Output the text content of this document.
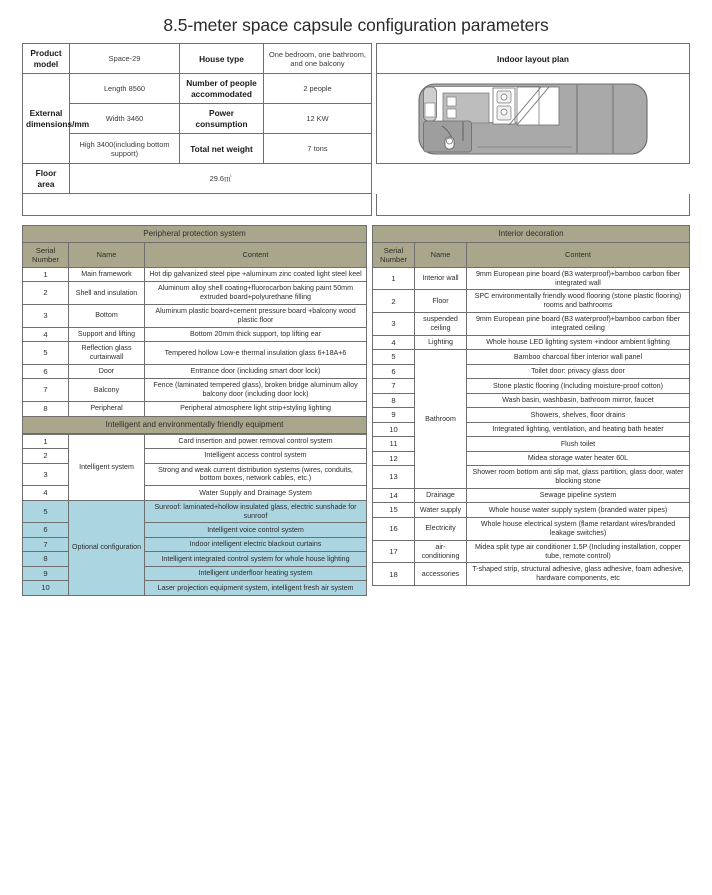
8.5-meter space capsule configuration parameters
Product model	Space-29	House type	One bedroom, one bathroom, and one balcony
External dimensions/mm	Length 8560	Number of people accommodated	2 people
	Width 3460	Power consumption	12 KW
	High 3400(including bottom support)	Total net weight	7 tons
Floor area	29.6㎡		
Indoor layout plan
Peripheral protection system
Serial Number	Name	Content
1	Main framework	Hot dip galvanized steel pipe +aluminum zinc coated light steel keel
2	Shell and insulation	Aluminum alloy shell coating+fluorocarbon baking paint 50mm extruded board+polyurethane filling
3	Bottom	Aluminum plastic board+cement pressure board +balcony wood plastic floor
4	Support and lifting	Bottom 20mm thick support, top lifting ear
5	Reflection glass curtainwall	Tempered hollow Low-e thermal insulation glass 6+18A+6
6	Door	Entrance door (including smart door lock)
7	Balcony	Fence (laminated tempered glass), broken bridge aluminum alloy balcony door (including door lock)
8	Peripheral	Peripheral atmosphere light strip+styling lighting
Intelligent and environmentally friendly equipment
1	Intelligent system	Card insertion and power removal control system
2		Intelligent access control system
3		Strong and weak current distribution systems (wires, conduits, bottom boxes, network cables, etc.)
4		Water Supply and Drainage System
5	Optional configuration	Sunroof: laminated+hollow insulated glass, electric sunshade for sunroof
6		Intelligent voice control system
7		Indoor intelligent electric blackout curtains
8		Intelligent integrated control system for whole house lighting
9		Intelligent underfloor heating system
10		Laser projection equipment system, intelligent fresh air system
Interior decoration
Serial Number	Name	Content
1	Interior wall	9mm European pine board (B3 waterproof)+bamboo carbon fiber integrated wall
2	Floor	SPC environmentally friendly wood flooring (stone plastic flooring) rooms and bathrooms
3	suspended ceiling	9mm European pine board (B3 waterproof)+bamboo carbon fiber integrated ceiling
4	Lighting	Whole house LED lighting system +indoor ambient lighting
5	Bathroom	Bamboo charcoal fiber interior wall panel
6		Toilet door: privacy glass door
7		Stone plastic flooring (Including moisture-proof cotton)
8		Wash basin, washbasin, bathroom mirror, faucet
9		Showers, shelves, floor drains
10		Integrated lighting, ventilation, and heating bath heater
11		Flush toilet
12		Midea storage water heater 60L
13		Shower room bottom anti slip mat, glass partition, glass door, water blocking stone
14	Drainage	Sewage pipeline system
15	Water supply	Whole house water supply system (branded water pipes)
16	Electricity	Whole house electrical system (flame retardant wires/branded leakage switches)
17	air-conditioning	Midea split type air conditioner 1.5P (Including installation, copper tube, remote control)
18	accessories	T-shaped strip, structural adhesive, glass adhesive, foam adhesive, hardware components, etc
